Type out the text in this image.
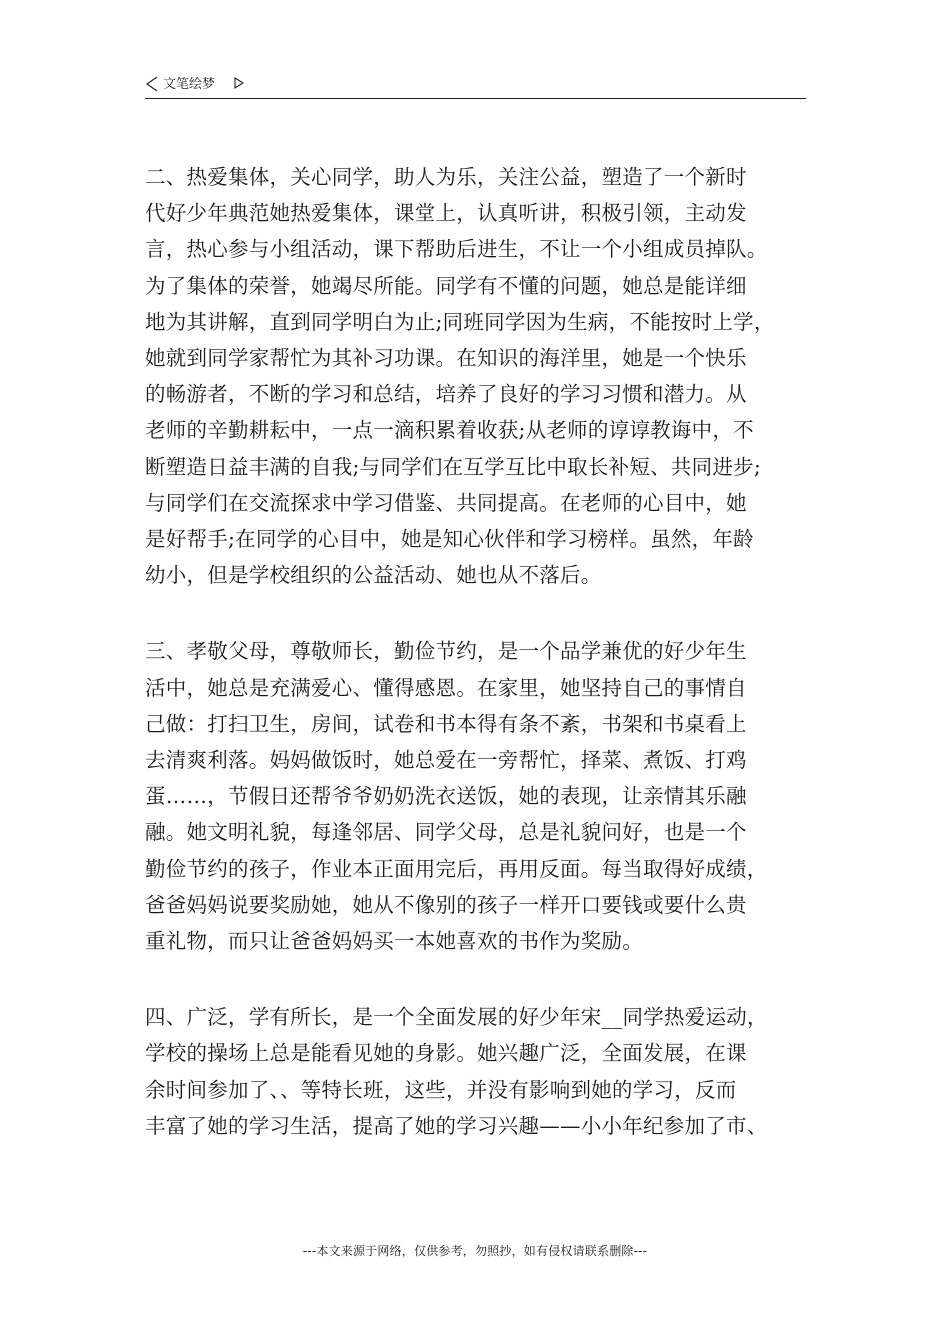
文笔绘梦

二、热爱集体，关心同学，助人为乐，关注公益，塑造了一个新时
代好少年典范她热爱集体，课堂上，认真听讲，积极引领，主动发
言，热心参与小组活动，课下帮助后进生，不让一个小组成员掉队。
为了集体的荣誉，她竭尽所能。同学有不懂的问题，她总是能详细
地为其讲解，直到同学明白为止;同班同学因为生病，不能按时上学，
她就到同学家帮忙为其补习功课。在知识的海洋里，她是一个快乐
的畅游者，不断的学习和总结，培养了良好的学习习惯和潜力。从
老师的辛勤耕耘中，一点一滴积累着收获;从老师的谆谆教诲中，不
断塑造日益丰满的自我;与同学们在互学互比中取长补短、共同进步;
与同学们在交流探求中学习借鉴、共同提高。在老师的心目中，她
是好帮手;在同学的心目中，她是知心伙伴和学习榜样。虽然，年龄
幼小，但是学校组织的公益活动、她也从不落后。

三、孝敬父母，尊敬师长，勤俭节约，是一个品学兼优的好少年生
活中，她总是充满爱心、懂得感恩。在家里，她坚持自己的事情自
己做：打扫卫生，房间，试卷和书本得有条不紊，书架和书桌看上
去清爽利落。妈妈做饭时，她总爱在一旁帮忙，择菜、煮饭、打鸡
蛋……，节假日还帮爷爷奶奶洗衣送饭，她的表现，让亲情其乐融
融。她文明礼貌，每逢邻居、同学父母，总是礼貌问好，也是一个
勤俭节约的孩子，作业本正面用完后，再用反面。每当取得好成绩，
爸爸妈妈说要奖励她，她从不像别的孩子一样开口要钱或要什么贵
重礼物，而只让爸爸妈妈买一本她喜欢的书作为奖励。

四、广泛，学有所长，是一个全面发展的好少年宋__同学热爱运动，
学校的操场上总是能看见她的身影。她兴趣广泛，全面发展，在课
余时间参加了、、等特长班，这些，并没有影响到她的学习，反而
丰富了她的学习生活，提高了她的学习兴趣——小小年纪参加了市、

---本文来源于网络，仅供参考，勿照抄，如有侵权请联系删除---
